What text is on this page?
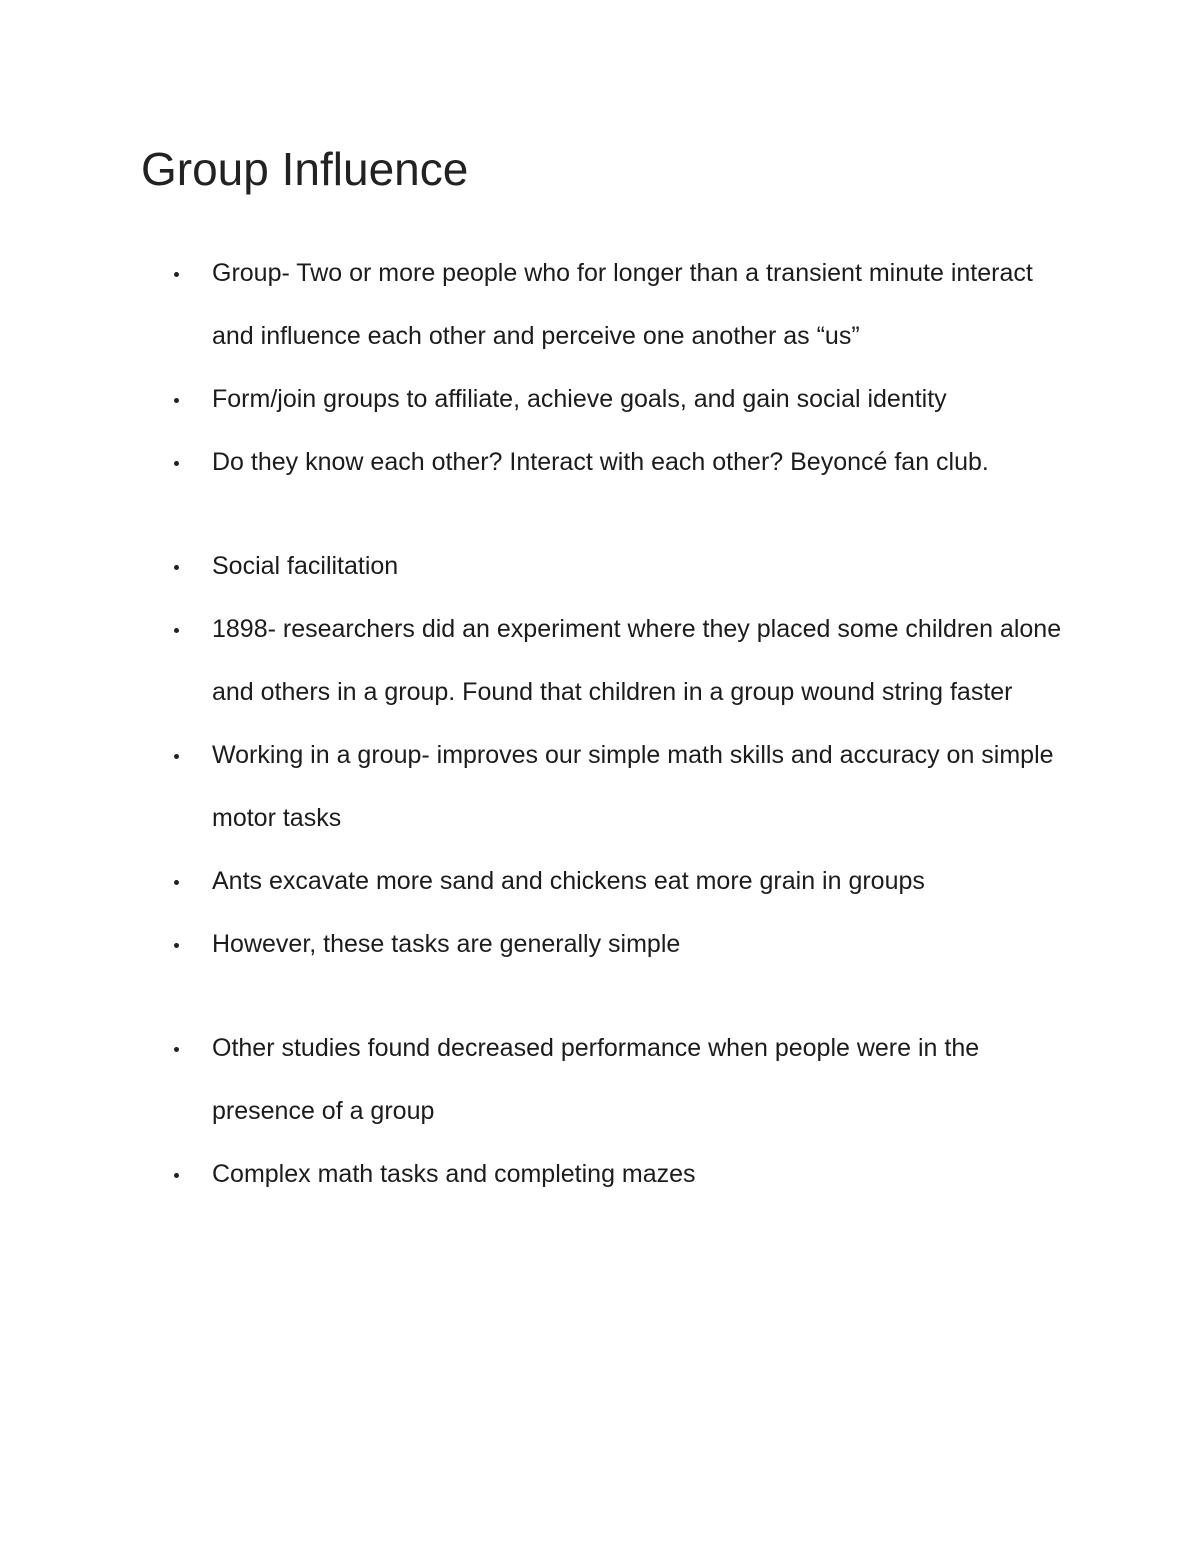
Group Influence
Group- Two or more people who for longer than a transient minute interact and influence each other and perceive one another as “us”
Form/join groups to affiliate, achieve goals, and gain social identity
Do they know each other? Interact with each other? Beyoncé fan club.
Social facilitation
1898- researchers did an experiment where they placed some children alone and others in a group. Found that children in a group wound string faster
Working in a group- improves our simple math skills and accuracy on simple motor tasks
Ants excavate more sand and chickens eat more grain in groups
However, these tasks are generally simple
Other studies found decreased performance when people were in the presence of a group
Complex math tasks and completing mazes
